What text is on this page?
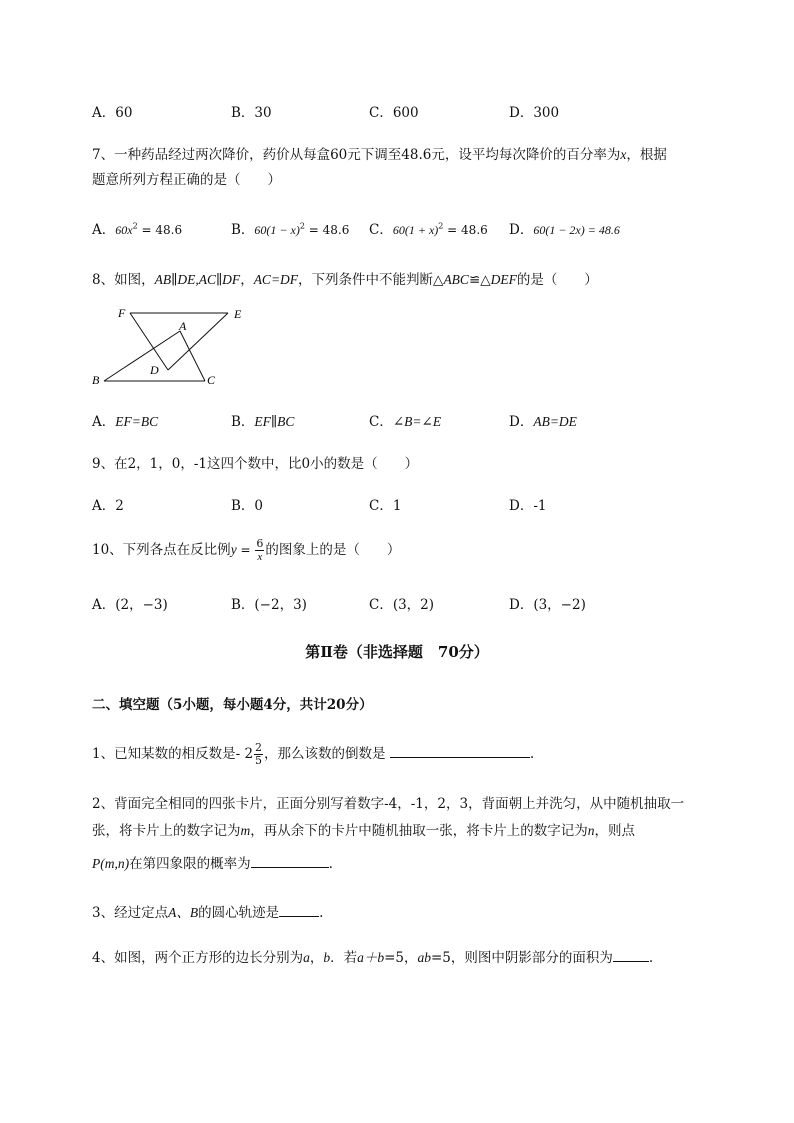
A．60	B．30	C．600	D．300
7、一种药品经过两次降价，药价从每盒60元下调至48.6元，设平均每次降价的百分率为x，根据
题意所列方程正确的是（　　）
A．$60x^2 = 48.6$	B．$60(1 - x)^2 = 48.6$ C．$60(1 + x)^2 = 48.6$ D．60(1 − 2x) = 48.6
8、如图，AB∥DE,AC∥DF，AC=DF，下列条件中不能判断△ABC≌△DEF的是（　　）
F	E
A
D
B	C
A．EF=BC	B．EF∥BC	C．∠B=∠E	D．AB=DE
9、在2，1，0，-1这四个数中，比0小的数是（　　）
A．2	B．0	C．1	D．-1
10、下列各点在反比例$y = \frac{6}{x}$ 的图象上的是（　　）
A．(2，−3)	B．(−2，3)	C．(3，2)	D．(3，−2)
第Ⅱ卷（非选择题　70分）
二、填空题（5小题，每小题4分，共计20分）
1、已知某数的相反数是- $2 \frac{2}{5}$ ，那么该数的倒数是	.
2、背面完全相同的四张卡片，正面分别写着数字-4，-1，2，3，背面朝上并洗匀，从中随机抽取一
张，将卡片上的数字记为m，再从余下的卡片中随机抽取一张，将卡片上的数字记为n，则点
P(m,n)在第四象限的概率为	.
3、经过定点A、B的圆心轨迹是	.
4、如图，两个正方形的边长分别为a，b．若a＋b=5，ab=5，则图中阴影部分的面积为	.
